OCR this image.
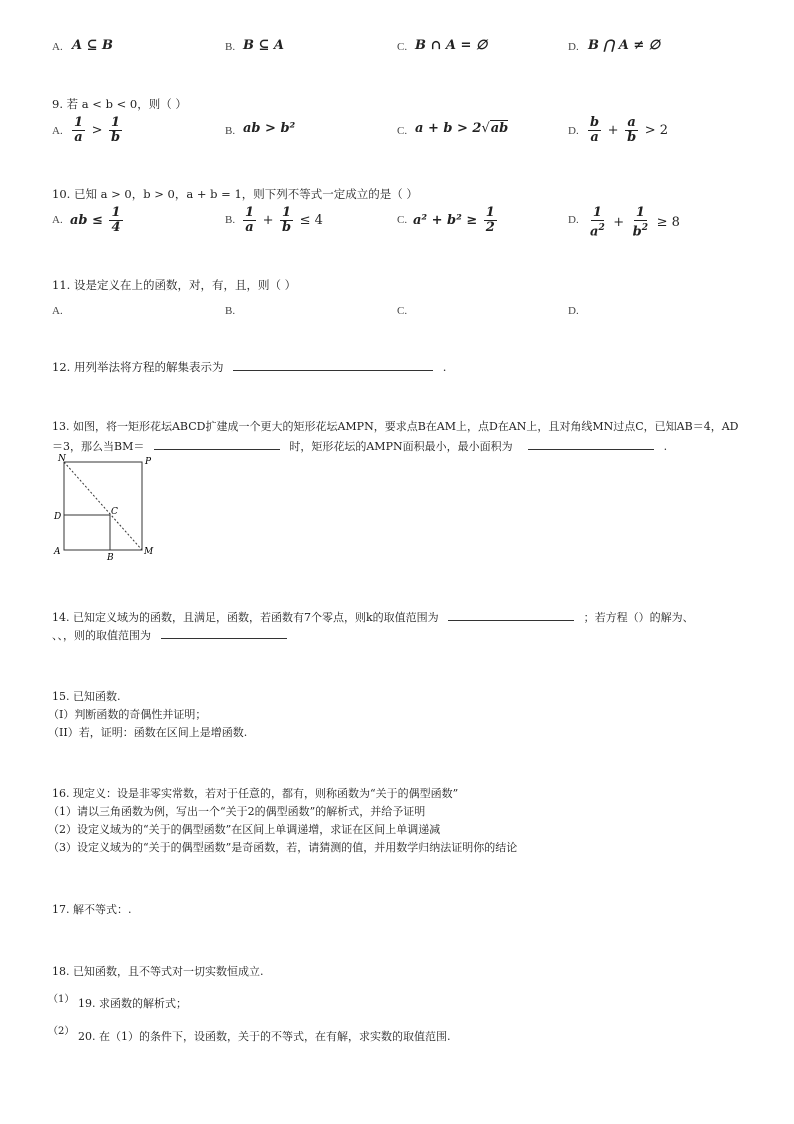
A. A ⊆ B	B. B ⊆ A	C. B ∩ A = ∅	D. B ⋂ A ≠ ∅
9. 若 a < b < 0，则（ ）
A. $\frac{1}{a} > \frac{1}{b}$	B. ab > b²	C. a + b > 2√ab	D. $\frac{b}{a} + \frac{a}{b} > 2$
10. 已知 a > 0，b > 0，a + b = 1，则下列不等式一定成立的是（ ）
A. ab ≤ $\frac{1}{4}$	B. $\frac{1}{a} + \frac{1}{b} \le 4$	C. $a^2 + b^2 \ge \frac{1}{2}$	D. $\frac{1}{a^2} + \frac{1}{b^2} \ge 8$
11. 设是定义在上的函数，对，有，且，则（ ）
A.	B.	C.	D.
12. 用列举法将方程的解集表示为	.
13. 如图，将一矩形花坛ABCD扩建成一个更大的矩形花坛AMPN，要求点B在AM上，点D在AN上，且对角线MN过点C，已知AB＝4，AD
＝3，那么当BM＝	时，矩形花坛的AMPN面积最小，最小面积为	.
N	P
D	C
A
B
M
14. 已知定义域为的函数，且满足，函数，若函数有7个零点，则k的取值范围为	；若方程（）的解为、
、、，则的取值范围为
15. 已知函数.
（I）判断函数的奇偶性并证明；
（II）若，证明：函数在区间上是增函数.
16. 现定义：设是非零实常数，若对于任意的，都有，则称函数为“关于的偶型函数”
（1）请以三角函数为例，写出一个“关于2的偶型函数”的解析式，并给予证明
（2）设定义域为的“关于的偶型函数”在区间上单调递增，求证在区间上单调递减
（3）设定义域为的“关于的偶型函数”是奇函数，若，请猜测的值，并用数学归纳法证明你的结论
17. 解不等式：.
18. 已知函数，且不等式对一切实数恒成立.
（1） 19. 求函数的解析式；
（2） 20. 在（1）的条件下，设函数，关于的不等式，在有解，求实数的取值范围.
